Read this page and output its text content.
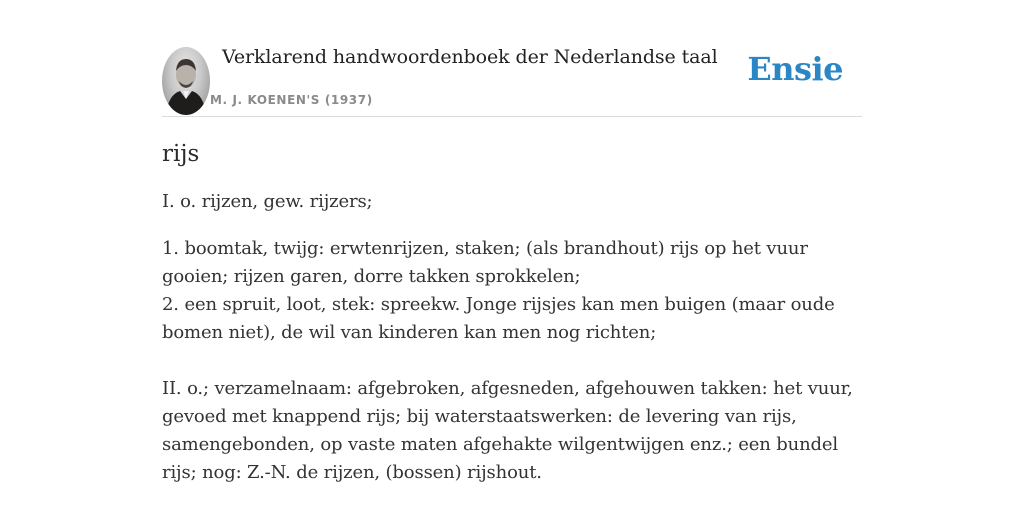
Verklarend handwoordenboek der Nederlandse taal
M. J. KOENEN'S (1937)
Ensie
rijs

I. o. rijzen, gew. rijzers;

1. boomtak, twijg: erwtenrijzen, staken; (als brandhout) rijs op het vuur gooien; rijzen garen, dorre takken sprokkelen;
2. een spruit, loot, stek: spreekw. Jonge rijsjes kan men buigen (maar oude bomen niet), de wil van kinderen kan men nog richten;
II. o.; verzamelnaam: afgebroken, afgesneden, afgehouwen takken: het vuur, gevoed met knappend rijs; bij waterstaatswerken: de levering van rijs, samengebonden, op vaste maten afgehakte wilgentwijgen enz.; een bundel rijs; nog: Z.-N. de rijzen, (bossen) rijshout.
